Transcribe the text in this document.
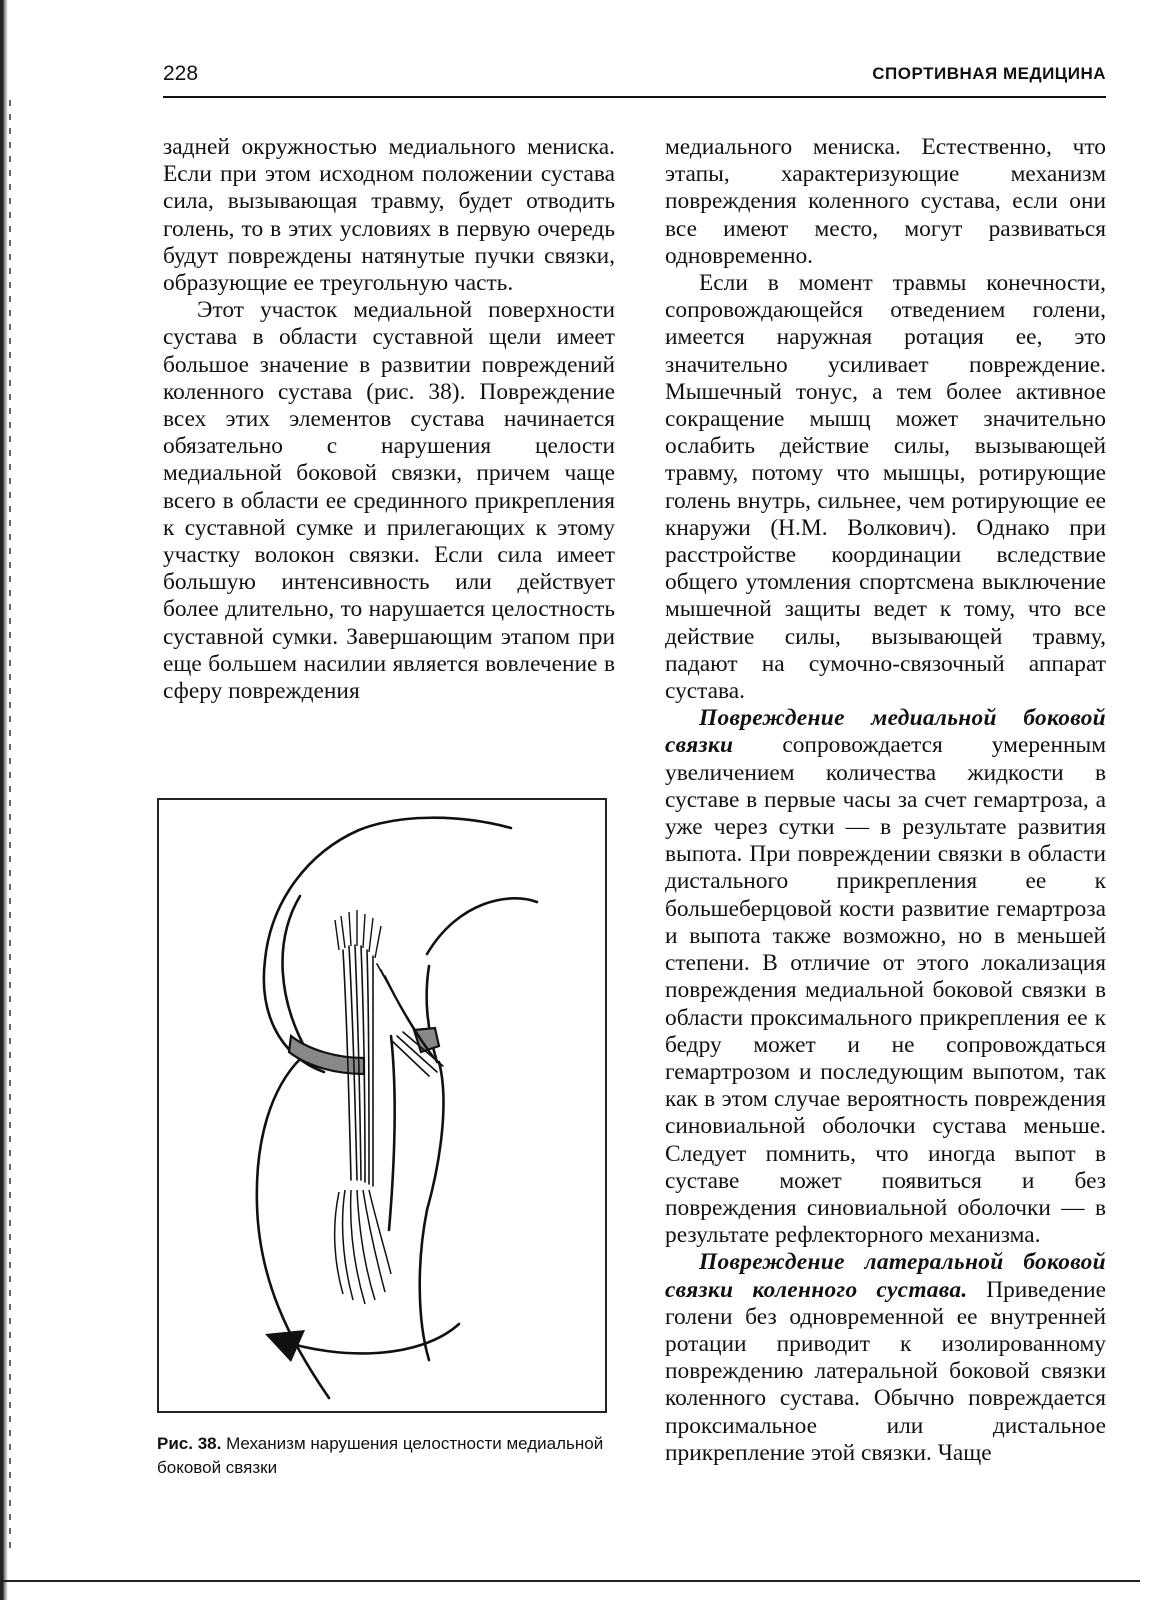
228	СПОРТИВНАЯ МЕДИЦИНА

задней окружностью медиального мениска. Если при этом исходном положении сустава сила, вызывающая травму, будет отводить голень, то в этих условиях в первую очередь будут повреждены натянутые пучки связки, образующие ее треугольную часть.

Этот участок медиальной поверхности сустава в области суставной щели имеет большое значение в развитии повреждений коленного сустава (рис. 38). Повреждение всех этих элементов сустава начинается обязательно с нарушения целости медиальной боковой связки, причем чаще всего в области ее срединного прикрепления к суставной сумке и прилегающих к этому участку волокон связки. Если сила имеет большую интенсивность или действует более длительно, то нарушается целостность суставной сумки. Завершающим этапом при еще большем насилии является вовлечение в сферу повреждения

Рис. 38. Механизм нарушения целостности медиальной боковой связки

медиального мениска. Естественно, что этапы, характеризующие механизм повреждения коленного сустава, если они все имеют место, могут развиваться одновременно.

Если в момент травмы конечности, сопровождающейся отведением голени, имеется наружная ротация ее, это значительно усиливает повреждение. Мышечный тонус, а тем более активное сокращение мышц может значительно ослабить действие силы, вызывающей травму, потому что мышцы, ротирующие голень внутрь, сильнее, чем ротирующие ее кнаружи (Н.М. Волкович). Однако при расстройстве координации вследствие общего утомления спортсмена выключение мышечной защиты ведет к тому, что все действие силы, вызывающей травму, падают на сумочно-связочный аппарат сустава.

Повреждение медиальной боковой связки сопровождается умеренным увеличением количества жидкости в суставе в первые часы за счет гемартроза, а уже через сутки — в результате развития выпота. При повреждении связки в области дистального прикрепления ее к большеберцовой кости развитие гемартроза и выпота также возможно, но в меньшей степени. В отличие от этого локализация повреждения медиальной боковой связки в области проксимального прикрепления ее к бедру может и не сопровождаться гемартрозом и последующим выпотом, так как в этом случае вероятность повреждения синовиальной оболочки сустава меньше. Следует помнить, что иногда выпот в суставе может появиться и без повреждения синовиальной оболочки — в результате рефлекторного механизма.

Повреждение латеральной боковой связки коленного сустава. Приведение голени без одновременной ее внутренней ротации приводит к изолированному повреждению латеральной боковой связки коленного сустава. Обычно повреждается проксимальное или дистальное прикрепление этой связки. Чаще
